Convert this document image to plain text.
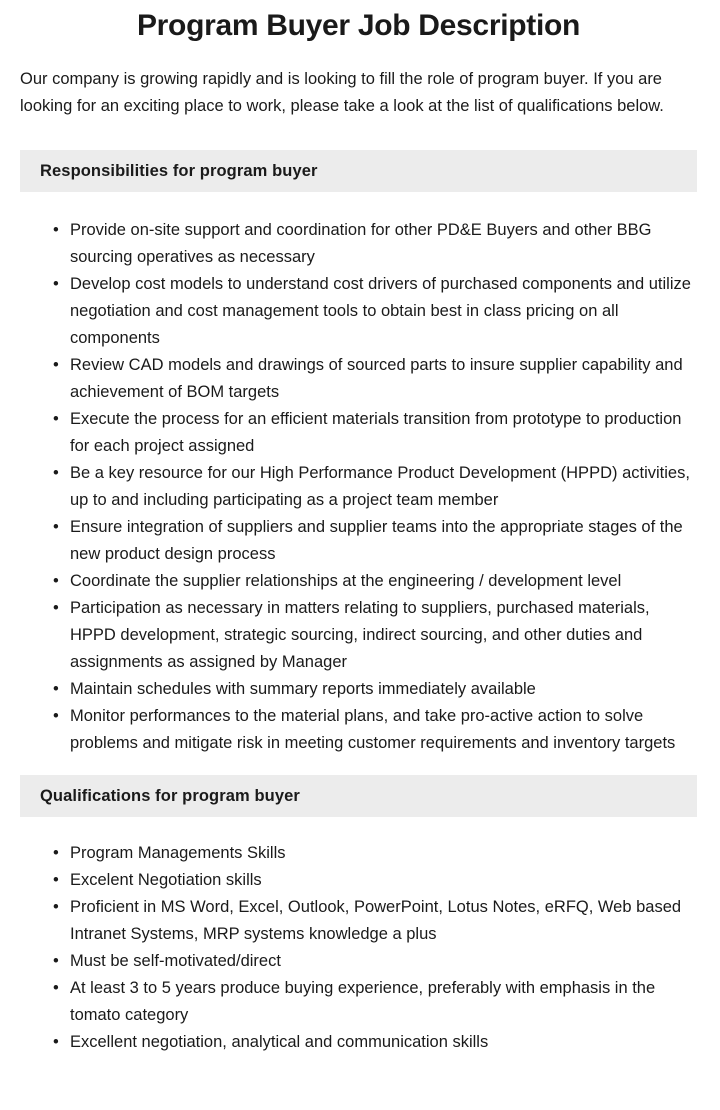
Program Buyer Job Description

Our company is growing rapidly and is looking to fill the role of program buyer. If you are looking for an exciting place to work, please take a look at the list of qualifications below.

Responsibilities for program buyer
• Provide on-site support and coordination for other PD&E Buyers and other BBG sourcing operatives as necessary
• Develop cost models to understand cost drivers of purchased components and utilize negotiation and cost management tools to obtain best in class pricing on all components
• Review CAD models and drawings of sourced parts to insure supplier capability and achievement of BOM targets
• Execute the process for an efficient materials transition from prototype to production for each project assigned
• Be a key resource for our High Performance Product Development (HPPD) activities, up to and including participating as a project team member
• Ensure integration of suppliers and supplier teams into the appropriate stages of the new product design process
• Coordinate the supplier relationships at the engineering / development level
• Participation as necessary in matters relating to suppliers, purchased materials, HPPD development, strategic sourcing, indirect sourcing, and other duties and assignments as assigned by Manager
• Maintain schedules with summary reports immediately available
• Monitor performances to the material plans, and take pro-active action to solve problems and mitigate risk in meeting customer requirements and inventory targets
Qualifications for program buyer
• Program Managements Skills
• Excelent Negotiation skills
• Proficient in MS Word, Excel, Outlook, PowerPoint, Lotus Notes, eRFQ, Web based Intranet Systems, MRP systems knowledge a plus
• Must be self-motivated/direct
• At least 3 to 5 years produce buying experience, preferably with emphasis in the tomato category
• Excellent negotiation, analytical and communication skills
